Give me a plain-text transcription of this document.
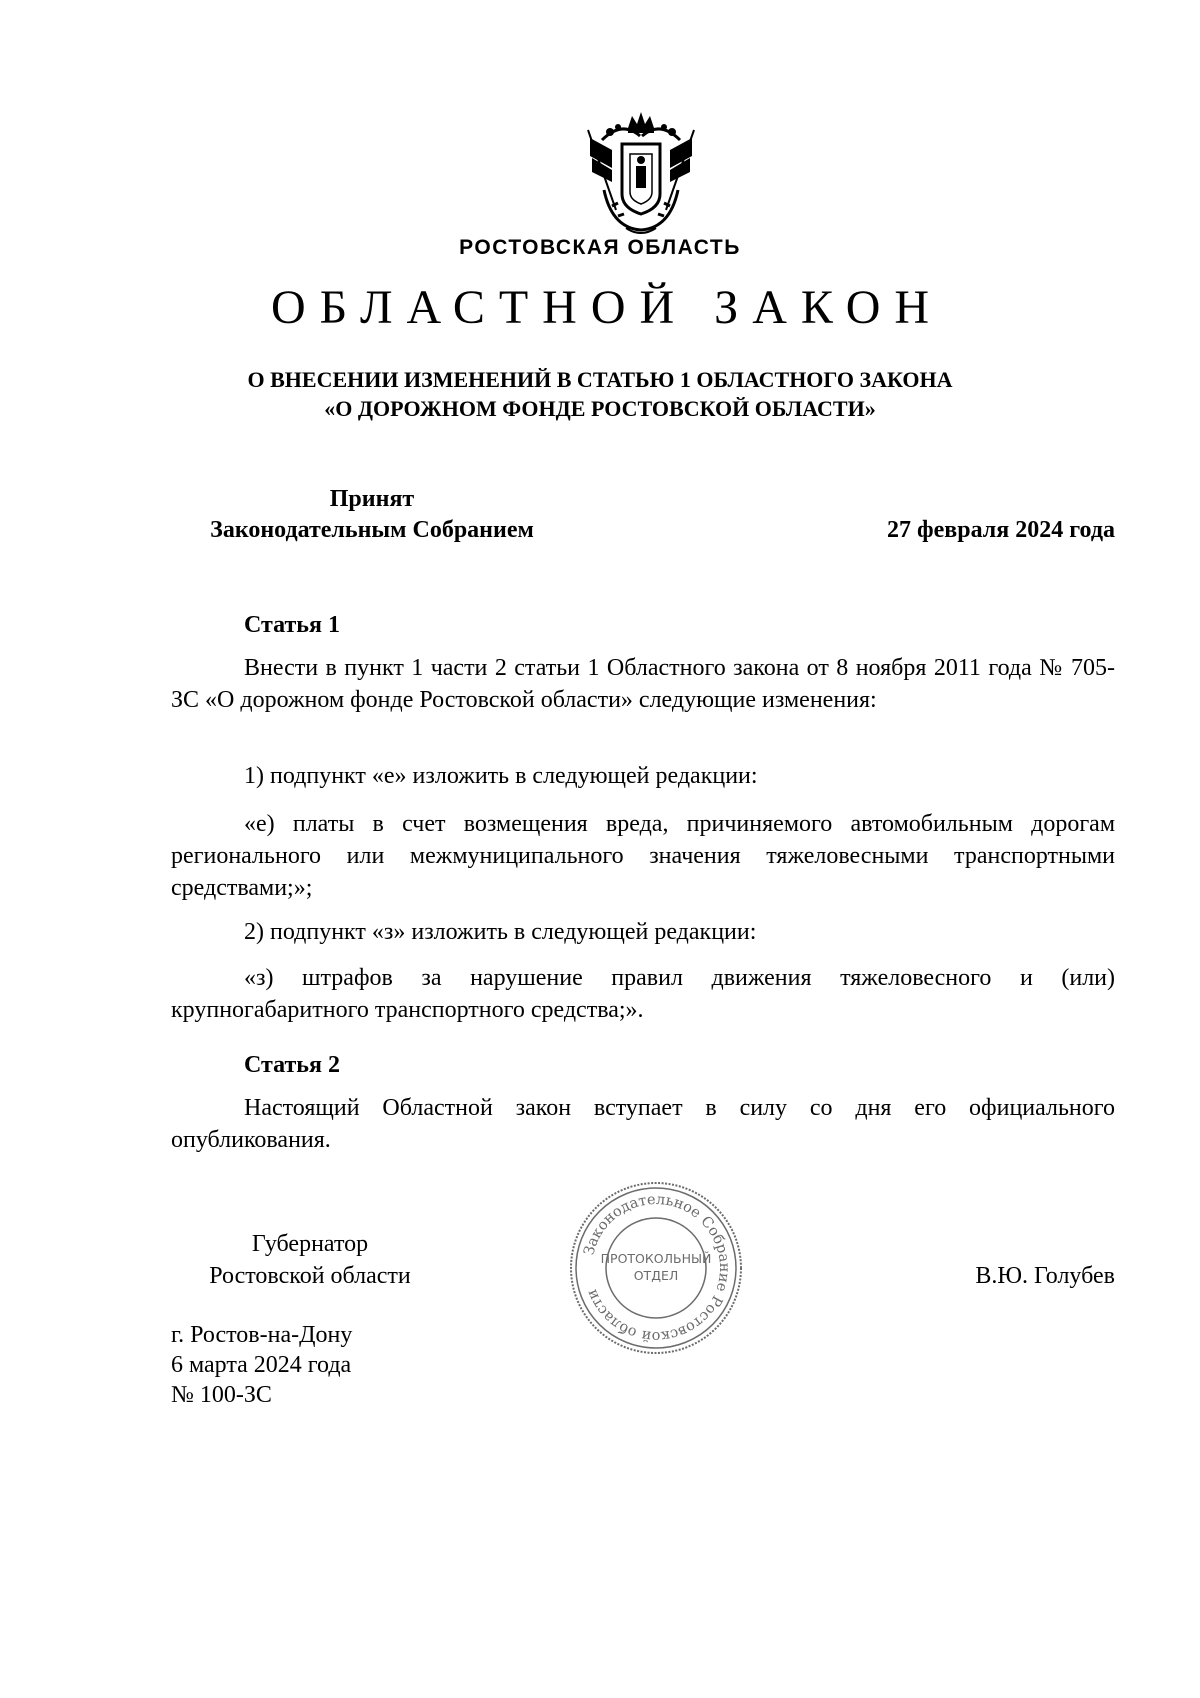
РОСТОВСКАЯ ОБЛАСТЬ
ОБЛАСТНОЙ ЗАКОН
О ВНЕСЕНИИ ИЗМЕНЕНИЙ В СТАТЬЮ 1 ОБЛАСТНОГО ЗАКОНА
«О ДОРОЖНОМ ФОНДЕ РОСТОВСКОЙ ОБЛАСТИ»
Принят
Законодательным Собранием	27 февраля 2024 года
Статья 1

Внести в пункт 1 части 2 статьи 1 Областного закона от 8 ноября 2011 года № 705-ЗС «О дорожном фонде Ростовской области» следующие изменения:

1) подпункт «е» изложить в следующей редакции:

«е) платы в счет возмещения вреда, причиняемого автомобильным дорогам регионального или межмуниципального значения тяжеловесными транспортными средствами;»;

2) подпункт «з» изложить в следующей редакции:

«з) штрафов за нарушение правил движения тяжеловесного и (или) крупногабаритного транспортного средства;».

Статья 2

Настоящий Областной закон вступает в силу со дня его официального опубликования.

Губернатор
Ростовской области	В.Ю. Голубев
Законодательное Собрание Ростовской области
ПРОТОКОЛЬНЫЙ
ОТДЕЛ
г. Ростов-на-Дону
6 марта 2024 года
№ 100-ЗС
